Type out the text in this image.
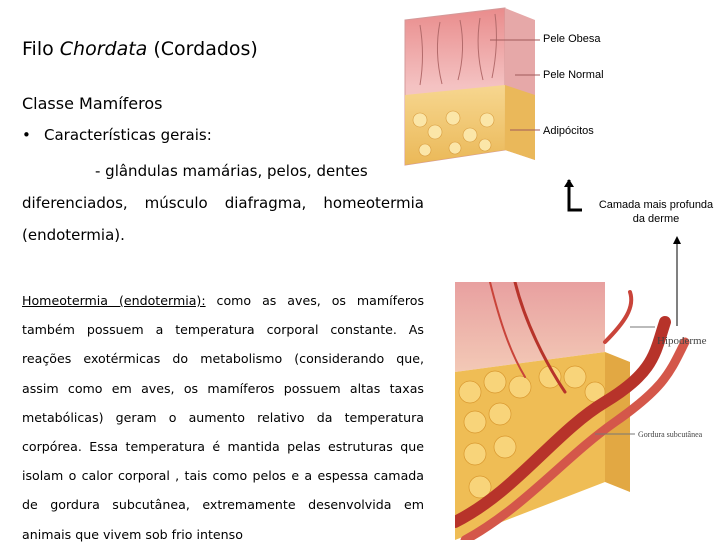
Filo Chordata (Cordados)
Classe Mamíferos
• Características gerais:
- glândulas mamárias, pelos, dentes
diferenciados, músculo diafragma, homeotermia
(endotermia).
Homeotermia (endotermia): como as aves, os mamíferos também possuem a temperatura corporal constante. As reações exotérmicas do metabolismo (considerando que, assim como em aves, os mamíferos possuem altas taxas metabólicas) geram o aumento relativo da temperatura corpórea. Essa temperatura é mantida pelas estruturas que isolam o calor corporal , tais como pelos e a espessa camada de gordura subcutânea, extremamente desenvolvida em animais que vivem sob frio intenso
Pele Obesa
Pele Normal
Adipócitos
Camada mais profunda da derme
Hipoderme
Gordura subcutânea
